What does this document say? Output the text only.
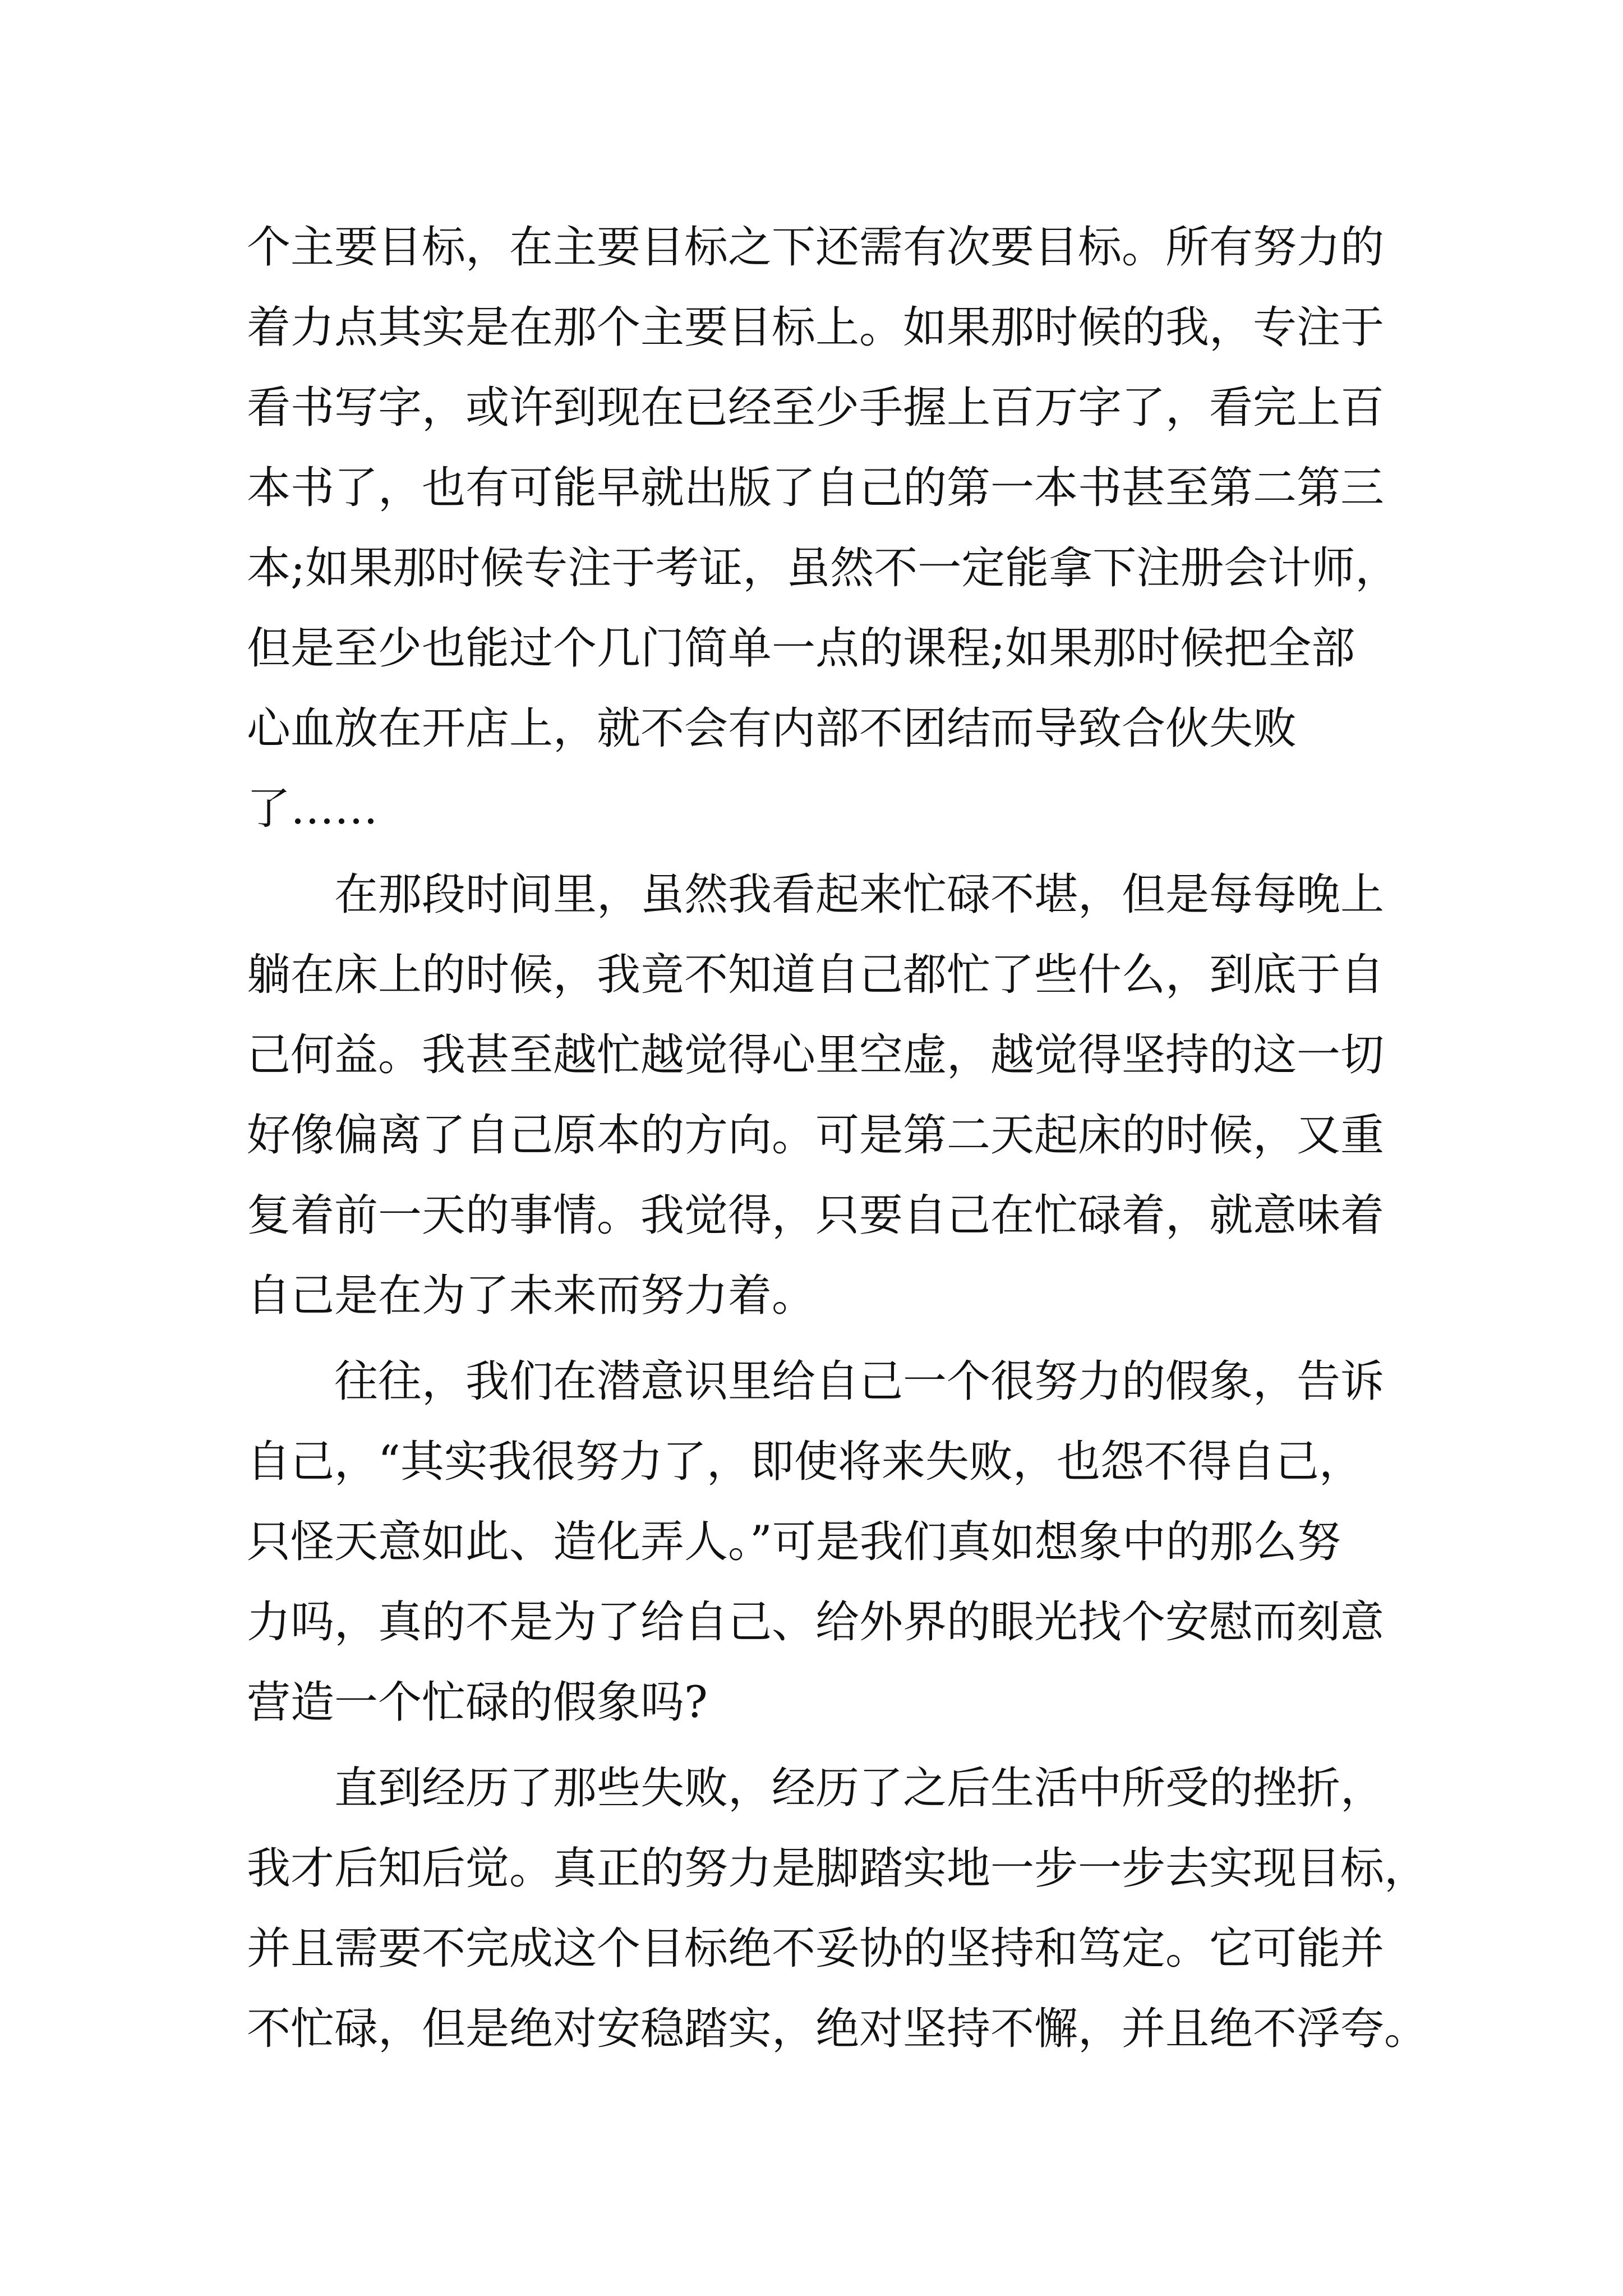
个主要目标，在主要目标之下还需有次要目标。所有努力的
着力点其实是在那个主要目标上。如果那时候的我，专注于
看书写字，或许到现在已经至少手握上百万字了，看完上百
本书了，也有可能早就出版了自己的第一本书甚至第二第三
本;如果那时候专注于考证，虽然不一定能拿下注册会计师，
但是至少也能过个几门简单一点的课程;如果那时候把全部
心血放在开店上，就不会有内部不团结而导致合伙失败
了……
在那段时间里，虽然我看起来忙碌不堪，但是每每晚上
躺在床上的时候，我竟不知道自己都忙了些什么，到底于自
己何益。我甚至越忙越觉得心里空虚，越觉得坚持的这一切
好像偏离了自己原本的方向。可是第二天起床的时候，又重
复着前一天的事情。我觉得，只要自己在忙碌着，就意味着
自己是在为了未来而努力着。
往往，我们在潜意识里给自己一个很努力的假象，告诉
自己，“其实我很努力了，即使将来失败，也怨不得自己，
只怪天意如此、造化弄人。”可是我们真如想象中的那么努
力吗，真的不是为了给自己、给外界的眼光找个安慰而刻意
营造一个忙碌的假象吗?
直到经历了那些失败，经历了之后生活中所受的挫折，
我才后知后觉。真正的努力是脚踏实地一步一步去实现目标，
并且需要不完成这个目标绝不妥协的坚持和笃定。它可能并
不忙碌，但是绝对安稳踏实，绝对坚持不懈，并且绝不浮夸。
